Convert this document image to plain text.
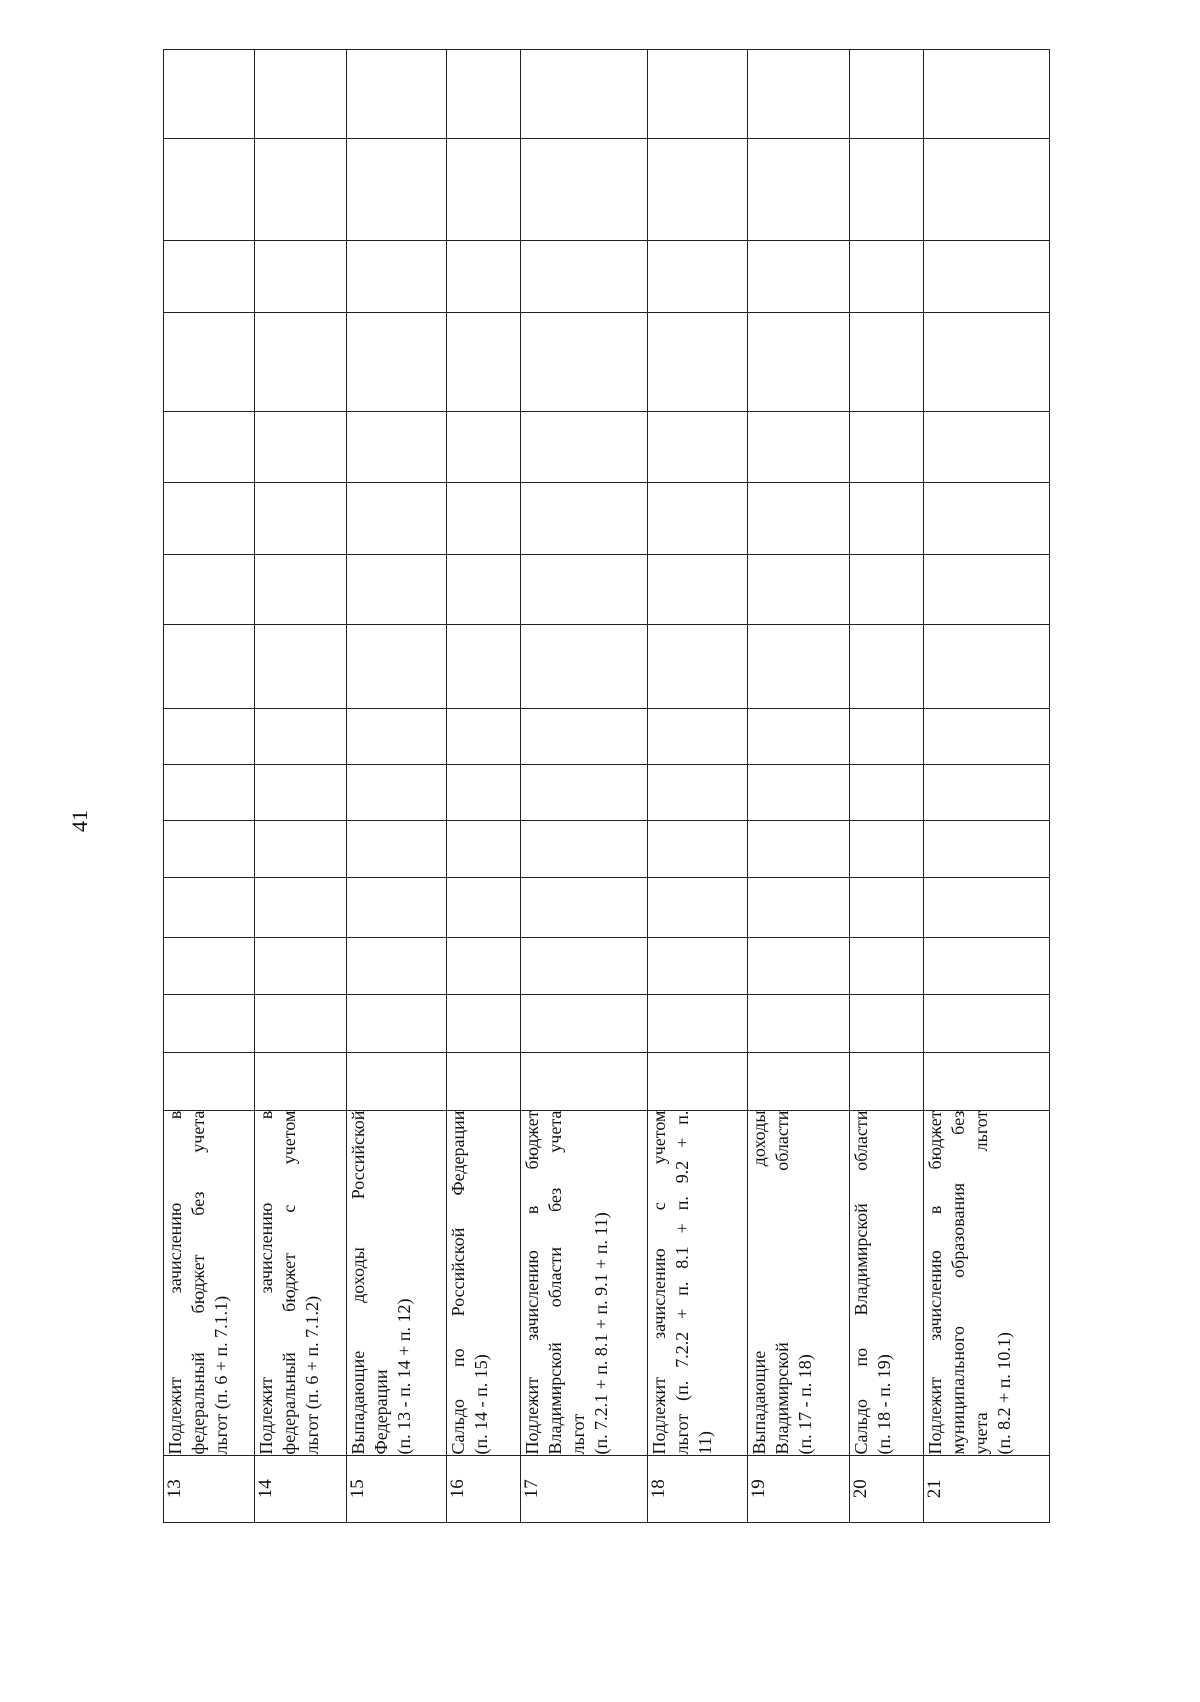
41
13	Подлежит зачислению в федеральный бюджет без учета льгот (п. 6 + п. 7.1.1)															

14	Подлежит зачислению в федеральный бюджет с учетом льгот (п. 6 + п. 7.1.2)															

15	Выпадающие доходы Российской Федерации (п. 13 - п. 14 + п. 12)															

16	Сальдо по Российской Федерации (п. 14 - п. 15)															

17	Подлежит зачислению в бюджет Владимирской области без учета льгот (п. 7.2.1 + п. 8.1 + п. 9.1 + п. 11)															

18	Подлежит зачислению с учетом льгот (п. 7.2.2 + п. 8.1 + п. 9.2 + п. 11)															

19	Выпадающие доходы Владимирской области (п. 17 - п. 18)															

20	Сальдо по Владимирской области (п. 18 - п. 19)															

21	Подлежит зачислению в бюджет муниципального образования без учета льгот (п. 8.2 + п. 10.1)															
